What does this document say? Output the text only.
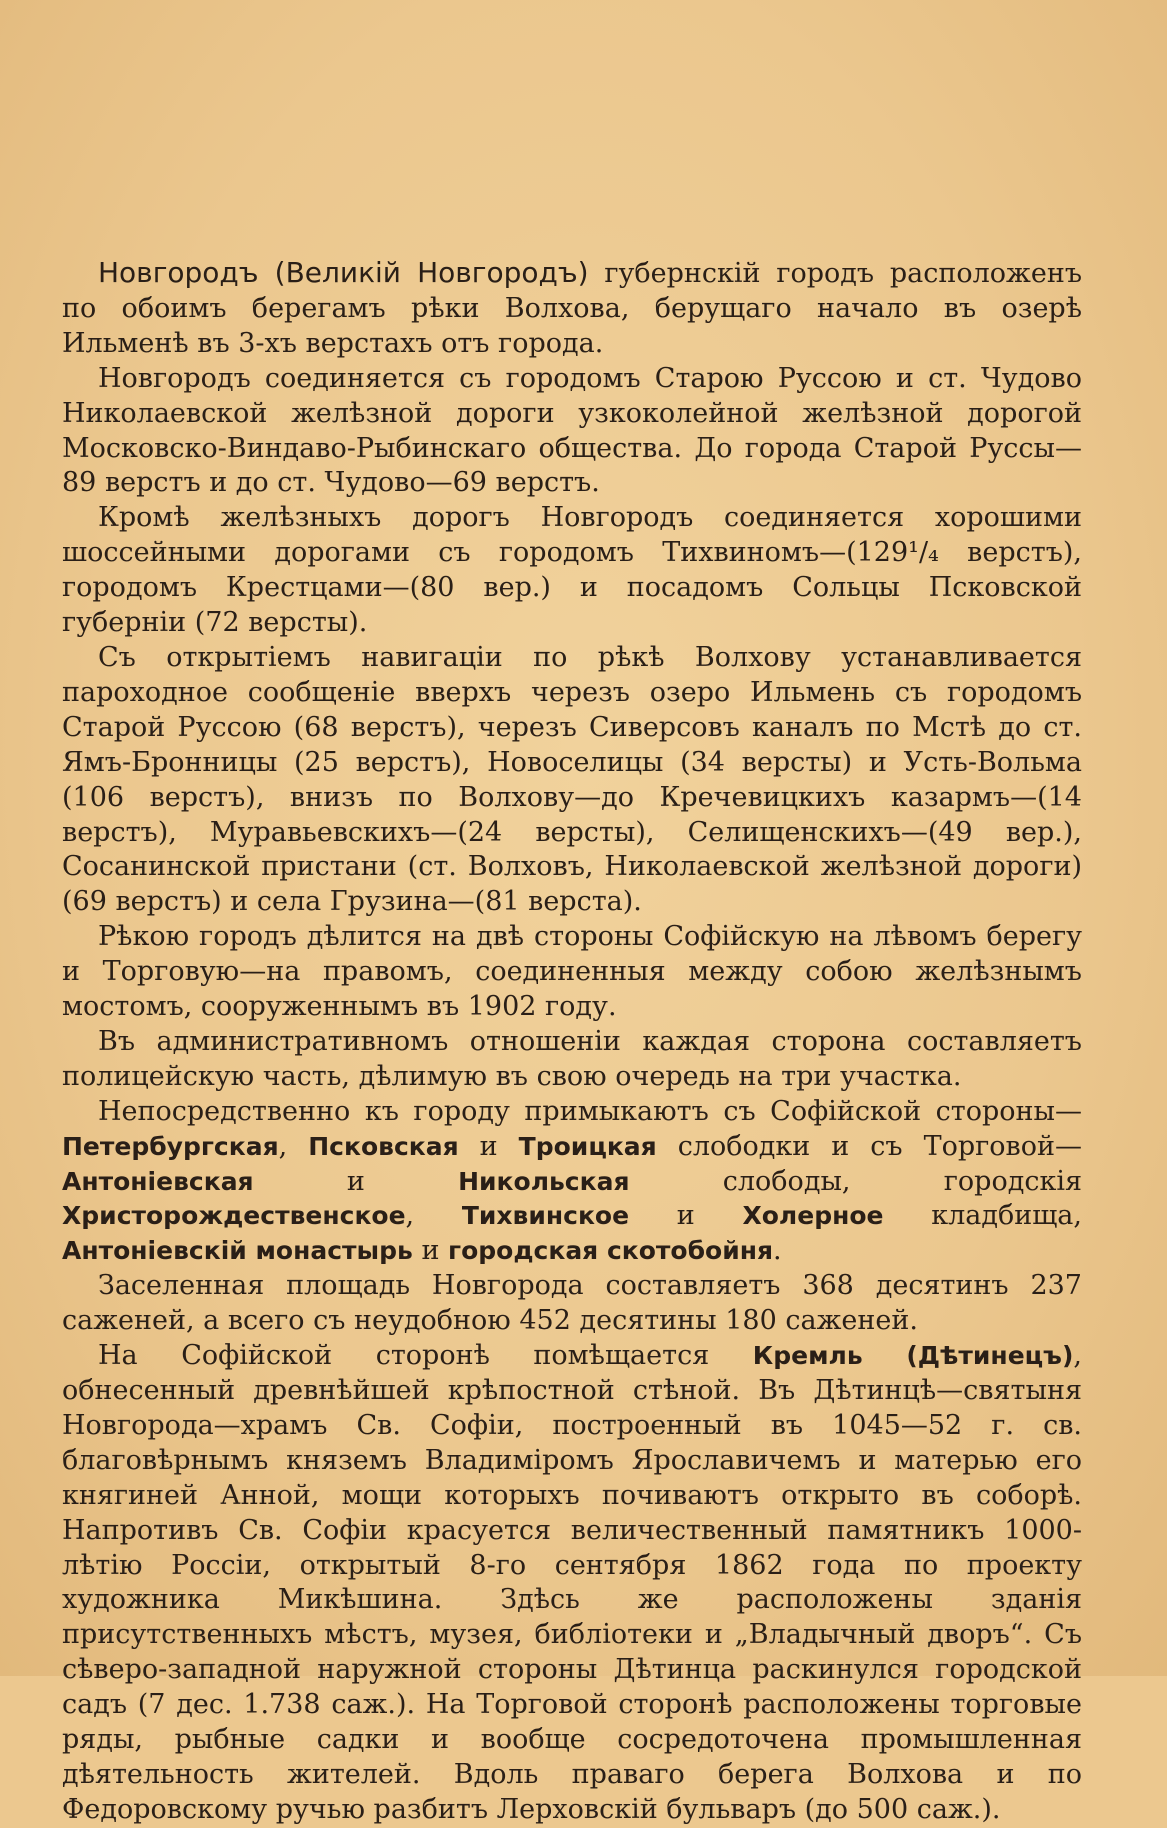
Новгородъ (Великій Новгородъ) губернскій городъ расположенъ по обоимъ берегамъ рѣки Волхова, берущаго начало въ озерѣ Ильменѣ въ 3-хъ верстахъ отъ города.

Новгородъ соединяется съ городомъ Старою Руссою и ст. Чудово Николаевской желѣзной дороги узкоколейной желѣзной дорогой Московско-Виндаво-Рыбинскаго общества. До города Старой Руссы—89 верстъ и до ст. Чудово—69 верстъ.

Кромѣ желѣзныхъ дорогъ Новгородъ соединяется хорошими шоссейными дорогами съ городомъ Тихвиномъ—(129¹/₄ верстъ), городомъ Крестцами—(80 вер.) и посадомъ Сольцы Псковской губерніи (72 версты).

Съ открытіемъ навигаціи по рѣкѣ Волхову устанавливается пароходное сообщеніе вверхъ черезъ озеро Ильмень съ городомъ Старой Руссою (68 верстъ), черезъ Сиверсовъ каналъ по Мстѣ до ст. Ямъ-Бронницы (25 верстъ), Новоселицы (34 версты) и Усть-Вольма (106 верстъ), внизъ по Волхову—до Кречевицкихъ казармъ—(14 верстъ), Муравьевскихъ—(24 версты), Селищенскихъ—(49 вер.), Сосанинской пристани (ст. Волховъ, Николаевской желѣзной дороги) (69 верстъ) и села Грузина—(81 верста).

Рѣкою городъ дѣлится на двѣ стороны Софійскую на лѣвомъ берегу и Торговую—на правомъ, соединенныя между собою желѣзнымъ мостомъ, сооруженнымъ въ 1902 году.

Въ административномъ отношеніи каждая сторона составляетъ полицейскую часть, дѣлимую въ свою очередь на три участка.

Непосредственно къ городу примыкаютъ съ Софійской стороны—Петербургская, Псковская и Троицкая слободки и съ Торговой—Антоніевская и Никольская слободы, городскія Христорождественское, Тихвинское и Холерное кладбища, Антоніевскій монастырь и городская скотобойня.

Заселенная площадь Новгорода составляетъ 368 десятинъ 237 саженей, а всего съ неудобною 452 десятины 180 саженей.

На Софійской сторонѣ помѣщается Кремль (Дѣтинецъ), обнесенный древнѣйшей крѣпостной стѣной. Въ Дѣтинцѣ—святыня Новгорода—храмъ Св. Софіи, построенный въ 1045—52 г. св. благовѣрнымъ княземъ Владиміромъ Ярославичемъ и матерью его княгиней Анной, мощи которыхъ почиваютъ открыто въ соборѣ. Напротивъ Св. Софіи красуется величественный памятникъ 1000-лѣтію Россіи, открытый 8-го сентября 1862 года по проекту художника Микѣшина. Здѣсь же расположены зданія присутственныхъ мѣстъ, музея, библіотеки и „Владычный дворъ“. Съ сѣверо-западной наружной стороны Дѣтинца раскинулся городской садъ (7 дес. 1.738 саж.). На Торговой сторонѣ расположены торговые ряды, рыбные садки и вообще сосредоточена промышленная дѣятельность жителей. Вдоль праваго берега Волхова и по Федоровскому ручью разбитъ Лерховскій бульваръ (до 500 саж.).
